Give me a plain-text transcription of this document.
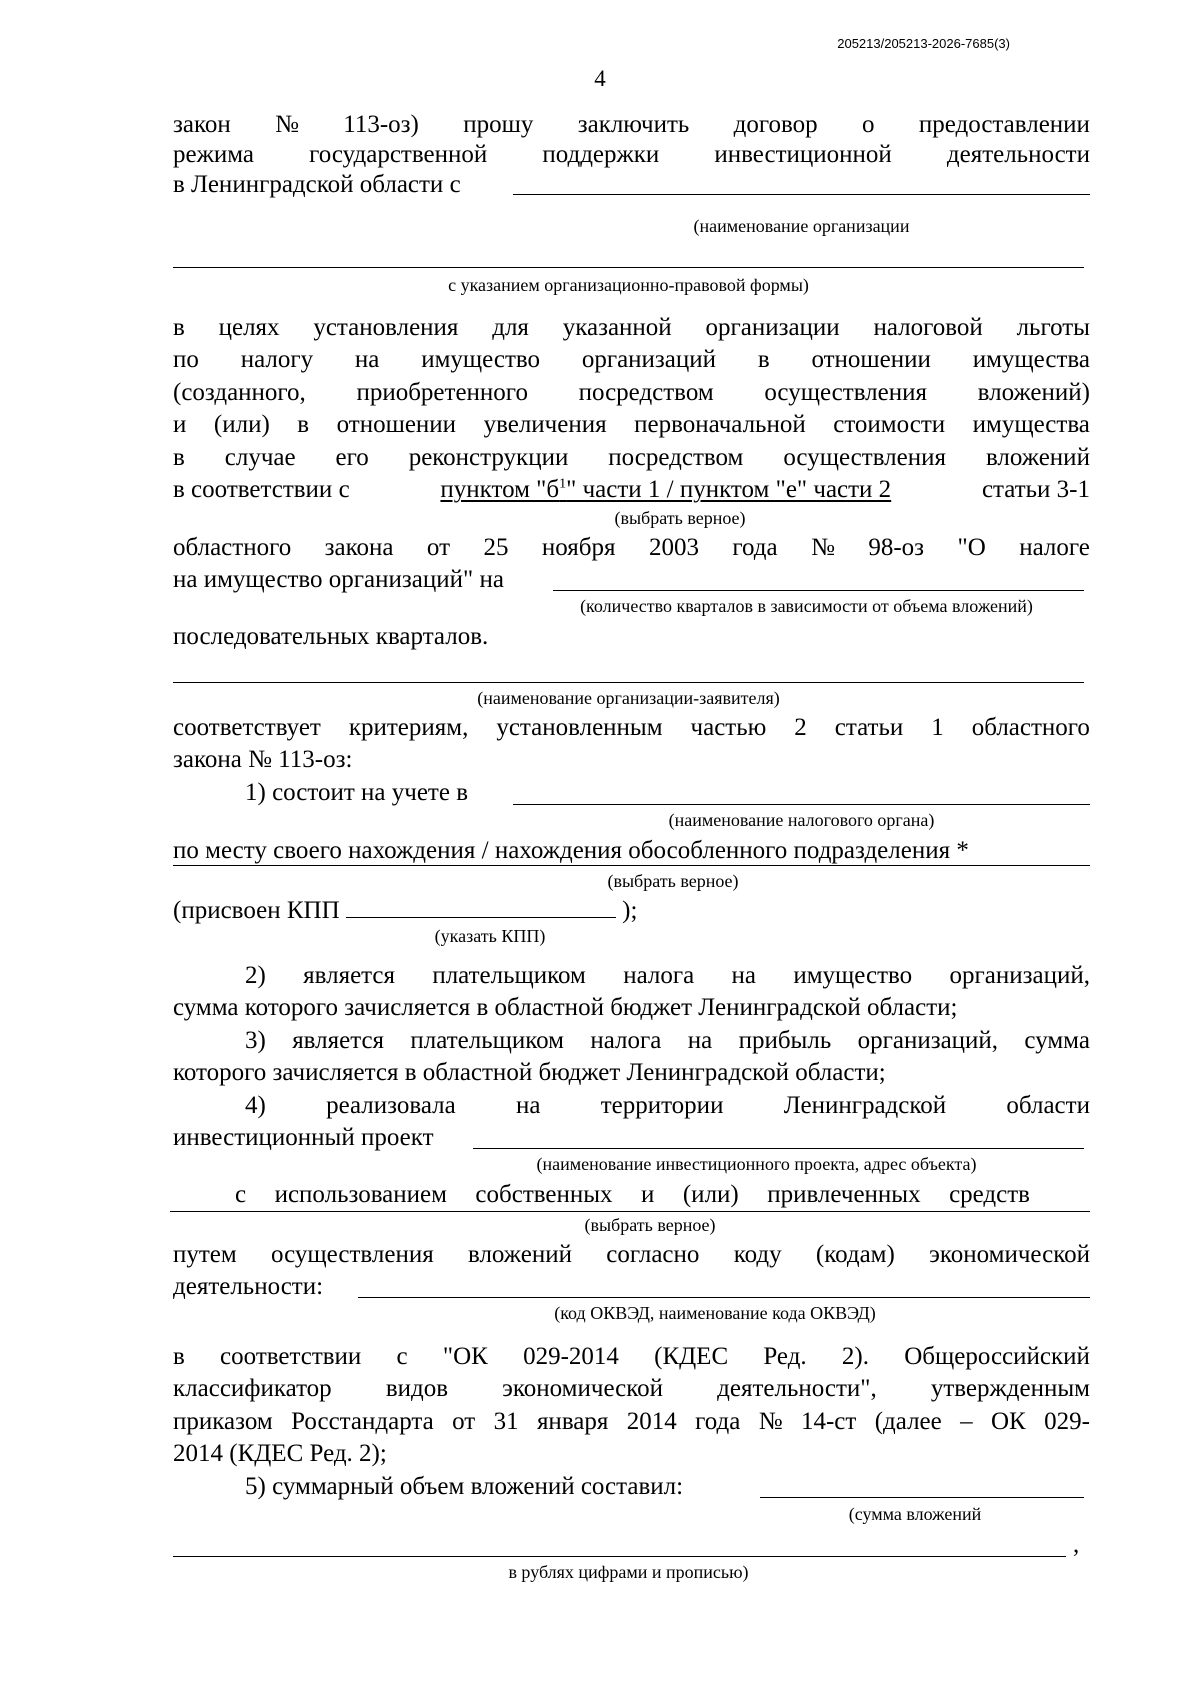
205213/205213-2026-7685(3)
4
закон № 113-оз) прошу заключить договор о предоставлении
режима государственной поддержки инвестиционной деятельности
в Ленинградской области с
(наименование организации
с указанием организационно-правовой формы)
в целях установления для указанной организации налоговой льготы
по налогу на имущество организаций в отношении имущества
(созданного, приобретенного посредством осуществления вложений)
и (или) в отношении увеличения первоначальной стоимости имущества
в случае его реконструкции посредством осуществления вложений
в соответствии с	пунктом "$б^1$" части 1 / пунктом "е" части 2	статьи 3-1
(выбрать верное)
областного закона от 25 ноября 2003 года № 98-оз "О налоге
на имущество организаций" на
(количество кварталов в зависимости от объема вложений)
последовательных кварталов.
(наименование организации-заявителя)
соответствует критериям, установленным частью 2 статьи 1 областного
закона № 113-оз:
1) состоит на учете в
(наименование налогового органа)
по месту своего нахождения / нахождения обособленного подразделения *
(выбрать верное)
(присвоен КПП	);
(указать КПП)
2) является плательщиком налога на имущество организаций,
сумма которого зачисляется в областной бюджет Ленинградской области;
3) является плательщиком налога на прибыль организаций, сумма
которого зачисляется в областной бюджет Ленинградской области;
4) реализовала на территории Ленинградской области
инвестиционный проект
(наименование инвестиционного проекта, адрес объекта)
с использованием собственных и (или) привлеченных средств
(выбрать верное)
путем осуществления вложений согласно коду (кодам) экономической
деятельности:
(код ОКВЭД, наименование кода ОКВЭД)
в соответствии с "ОК 029-2014 (КДЕС Ред. 2). Общероссийский
классификатор видов экономической деятельности", утвержденным
приказом Росстандарта от 31 января 2014 года № 14-ст (далее – ОК 029-
2014 (КДЕС Ред. 2);
5) суммарный объем вложений составил:
(сумма вложений
,
в рублях цифрами и прописью)
